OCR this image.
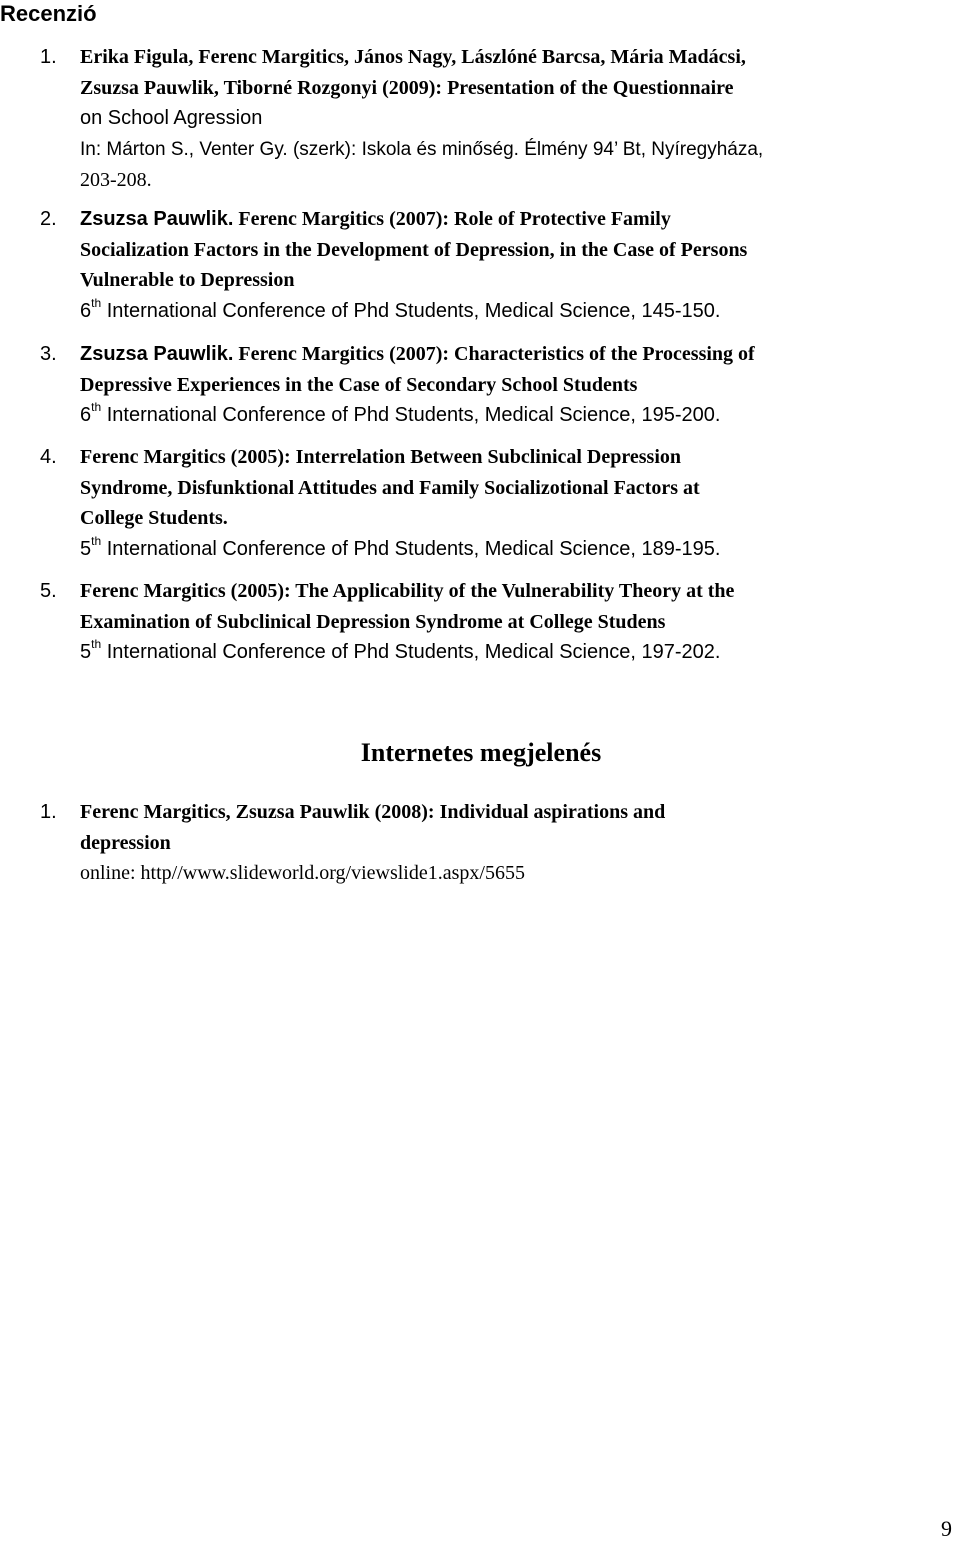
Recenzió
1. Erika Figula, Ferenc Margitics, János Nagy, Lászlóné Barcsa, Mária Madácsi,
Zsuzsa Pauwlik, Tiborné Rozgonyi (2009): Presentation of the Questionnaire
on School Agression
In: Márton S., Venter Gy. (szerk): Iskola és minőség. Élmény 94’ Bt, Nyíregyháza,
203-208.
2. Zsuzsa Pauwlik. Ferenc Margitics (2007): Role of Protective Family
Socialization Factors in the Development of Depression, in the Case of Persons
Vulnerable to Depression
6th International Conference of Phd Students, Medical Science, 145-150.
3. Zsuzsa Pauwlik. Ferenc Margitics (2007): Characteristics of the Processing of
Depressive Experiences in the Case of Secondary School Students
6th International Conference of Phd Students, Medical Science, 195-200.
4. Ferenc Margitics (2005): Interrelation Between Subclinical Depression
Syndrome, Disfunktional Attitudes and Family Socializotional Factors at
College Students.
5th International Conference of Phd Students, Medical Science, 189-195.
5. Ferenc Margitics (2005): The Applicability of the Vulnerability Theory at the
Examination of Subclinical Depression Syndrome at College Studens
5th International Conference of Phd Students, Medical Science, 197-202.
Internetes megjelenés
1. Ferenc Margitics, Zsuzsa Pauwlik (2008): Individual aspirations and
depression
online: http//www.slideworld.org/viewslide1.aspx/5655
9
